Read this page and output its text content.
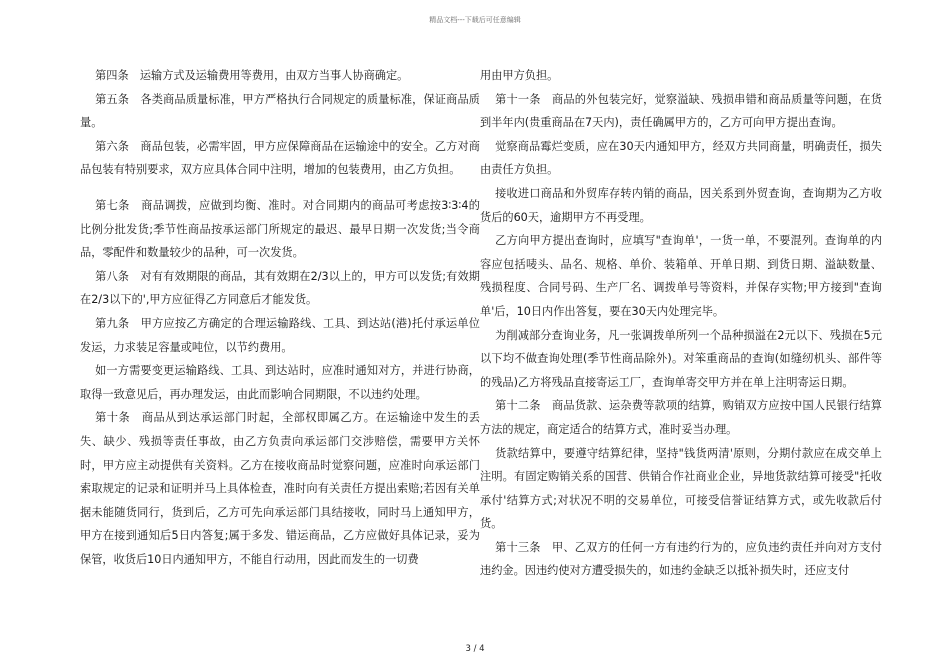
精品文档---下载后可任意编辑

第四条　运输方式及运输费用等费用，由双方当事人协商确定。

第五条　各类商品质量标准，甲方严格执行合同规定的质量标准，保证商品质量。

第六条　商品包装，必需牢固，甲方应保障商品在运输途中的安全。乙方对商品包装有特别要求，双方应具体合同中注明，增加的包装费用，由乙方负担。

第七条　商品调拨，应做到均衡、准时。对合同期内的商品可考虑按3∶3∶4的比例分批发货;季节性商品按承运部门所规定的最迟、最早日期一次发货;当令商品，零配件和数量较少的品种，可一次发货。

第八条　对有有效期限的商品，其有效期在2/3以上的，甲方可以发货;有效期在2/3以下的',甲方应征得乙方同意后才能发货。

第九条　甲方应按乙方确定的合理运输路线、工具、到达站(港)托付承运单位发运，力求装足容量或吨位，以节约费用。

如一方需要变更运输路线、工具、到达站时，应准时通知对方，并进行协商，取得一致意见后，再办理发运，由此而影响合同期限，不以违约处理。

第十条　商品从到达承运部门时起，全部权即属乙方。在运输途中发生的丢失、缺少、残损等责任事故，由乙方负责向承运部门交涉赔偿，需要甲方关怀时，甲方应主动提供有关资料。乙方在接收商品时觉察问题，应准时向承运部门索取规定的记录和证明并马上具体检查，准时向有关责任方提出索赔;若因有关单据未能随货同行，货到后，乙方可先向承运部门具结接收，同时马上通知甲方，甲方在接到通知后5日内答复;属于多发、错运商品，乙方应做好具体记录，妥为保管，收货后10日内通知甲方，不能自行动用，因此而发生的一切费

用由甲方负担。

第十一条　商品的外包装完好，觉察溢缺、残损串错和商品质量等问题，在货到半年内(贵重商品在7天内)，责任确属甲方的，乙方可向甲方提出查询。

觉察商品霉烂变质，应在30天内通知甲方，经双方共同商量，明确责任，损失由责任方负担。

接收进口商品和外贸库存转内销的商品，因关系到外贸查询，查询期为乙方收货后的60天，逾期甲方不再受理。

乙方向甲方提出查询时，应填写"查询单'，一货一单，不要混列。查询单的内容应包括唛头、品名、规格、单价、装箱单、开单日期、到货日期、溢缺数量、残损程度、合同号码、生产厂名、调拨单号等资料，并保存实物;甲方接到"查询单'后，10日内作出答复，要在30天内处理完毕。

为削减部分查询业务，凡一张调拨单所列一个品种损溢在2元以下、残损在5元以下均不做查询处理(季节性商品除外)。对笨重商品的查询(如缝纫机头、部件等的残品)乙方将残品直接寄运工厂，查询单寄交甲方并在单上注明寄运日期。

第十二条　商品货款、运杂费等款项的结算，购销双方应按中国人民银行结算方法的规定，商定适合的结算方式，准时妥当办理。

货款结算中，要遵守结算纪律，坚持"钱货两清'原则，分期付款应在成交单上注明。有固定购销关系的国营、供销合作社商业企业，异地货款结算可接受"托收承付'结算方式;对状况不明的交易单位，可接受信誉证结算方式，或先收款后付货。

第十三条　甲、乙双方的任何一方有违约行为的，应负违约责任并向对方支付违约金。因违约使对方遭受损失的，如违约金缺乏以抵补损失时，还应支付

3 / 4
